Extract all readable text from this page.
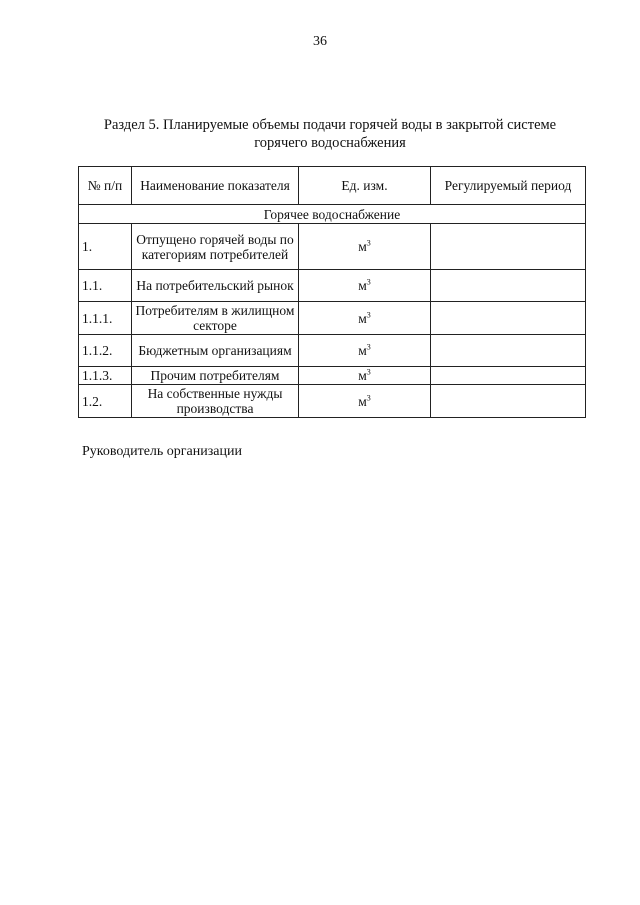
36
Раздел 5. Планируемые объемы подачи горячей воды в закрытой системе
горячего водоснабжения
№ п/п	Наименование показателя	Ед. изм.	Регулируемый период
Горячее водоснабжение			
1.	Отпущено горячей воды по категориям потребителей	$м^3$	
1.1.	На потребительский рынок	$м^3$	
1.1.1.	Потребителям в жилищном секторе	$м^3$	
1.1.2.	Бюджетным организациям	$м^3$	
1.1.3.	Прочим потребителям	$м^3$	
1.2.	На собственные нужды производства	$м^3$	
Руководитель организации
